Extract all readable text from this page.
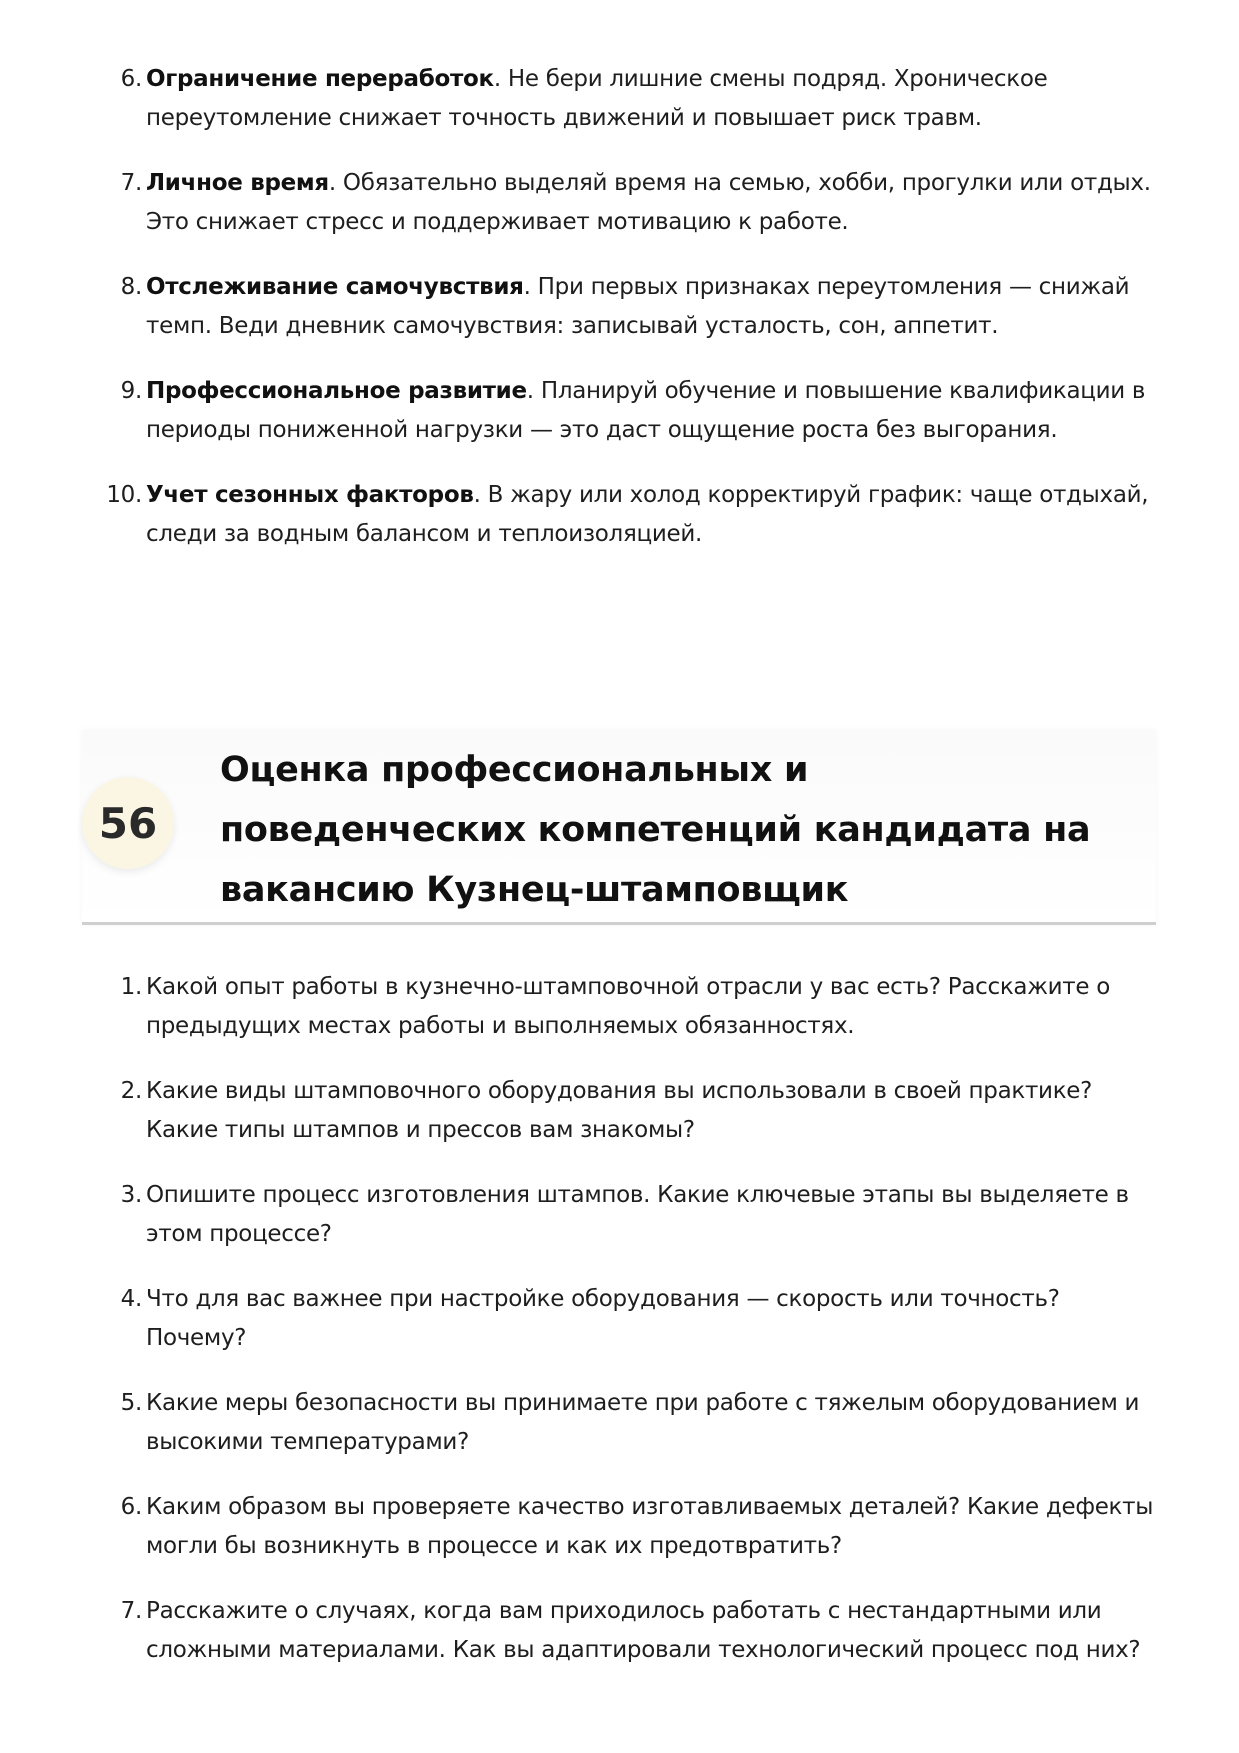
6. Ограничение переработок. Не бери лишние смены подряд. Хроническое переутомление снижает точность движений и повышает риск травм.
7. Личное время. Обязательно выделяй время на семью, хобби, прогулки или отдых. Это снижает стресс и поддерживает мотивацию к работе.
8. Отслеживание самочувствия. При первых признаках переутомления — снижай темп. Веди дневник самочувствия: записывай усталость, сон, аппетит.
9. Профессиональное развитие. Планируй обучение и повышение квалификации в периоды пониженной нагрузки — это даст ощущение роста без выгорания.
10. Учет сезонных факторов. В жару или холод корректируй график: чаще отдыхай, следи за водным балансом и теплоизоляцией.
56
Оценка профессиональных и поведенческих компетенций кандидата на вакансию Кузнец-штамповщик
1. Какой опыт работы в кузнечно-штамповочной отрасли у вас есть? Расскажите о предыдущих местах работы и выполняемых обязанностях.
2. Какие виды штамповочного оборудования вы использовали в своей практике? Какие типы штампов и прессов вам знакомы?
3. Опишите процесс изготовления штампов. Какие ключевые этапы вы выделяете в этом процессе?
4. Что для вас важнее при настройке оборудования — скорость или точность? Почему?
5. Какие меры безопасности вы принимаете при работе с тяжелым оборудованием и высокими температурами?
6. Каким образом вы проверяете качество изготавливаемых деталей? Какие дефекты могли бы возникнуть в процессе и как их предотвратить?
7. Расскажите о случаях, когда вам приходилось работать с нестандартными или сложными материалами. Как вы адаптировали технологический процесс под них?
